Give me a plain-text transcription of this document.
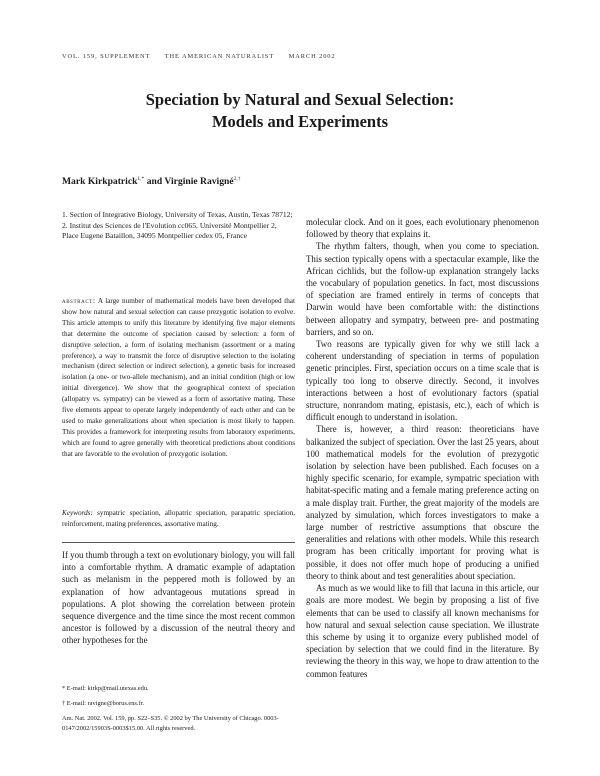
VOL. 159, SUPPLEMENT THE AMERICAN NATURALIST MARCH 2002
Speciation by Natural and Sexual Selection:
Models and Experiments
Mark Kirkpatrick$^{1,*}$ and Virginie Ravigné$^{2,\dagger}$

1. Section of Integrative Biology, University of Texas, Austin, Texas 78712;

2. Institut des Sciences de l'Evolution cc065, Université Montpellier 2, Place Eugene Bataillon, 34095 Montpellier cedex 05, France

abstract: A large number of mathematical models have been developed that show how natural and sexual selection can cause prezygotic isolation to evolve. This article attempts to unify this literature by identifying five major elements that determine the outcome of speciation caused by selection: a form of disruptive selection, a form of isolating mechanism (assortment or a mating preference), a way to transmit the force of disruptive selection to the isolating mechanism (direct selection or indirect selection), a genetic basis for increased isolation (a one- or two-allele mechanism), and an initial condition (high or low initial divergence). We show that the geographical context of speciation (allopatry vs. sympatry) can be viewed as a form of assortative mating. These five elements appear to operate largely independently of each other and can be used to make generalizations about when speciation is most likely to happen. This provides a framework for interpreting results from laboratory experiments, which are found to agree generally with theoretical predictions about conditions that are favorable to the evolution of prezygotic isolation.

Keywords: sympatric speciation, allopatric speciation, parapatric speciation, reinforcement, mating preferences, assortative mating.

If you thumb through a text on evolutionary biology, you will fall into a comfortable rhythm. A dramatic example of adaptation such as melanism in the peppered moth is followed by an explanation of how advantageous mutations spread in populations. A plot showing the correlation between protein sequence divergence and the time since the most recent common ancestor is followed by a discussion of the neutral theory and other hypotheses for the

* E-mail: kirkp@mail.utexas.edu.

† E-mail: ravigne@borus.ens.fr.

Am. Nat. 2002. Vol. 159, pp. S22–S35. © 2002 by The University of Chicago. 0003-0147/2002/15903S-0003$15.00. All rights reserved.

molecular clock. And on it goes, each evolutionary phenomenon followed by theory that explains it.

The rhythm falters, though, when you come to speciation. This section typically opens with a spectacular example, like the African cichlids, but the follow-up explanation strangely lacks the vocabulary of population genetics. In fact, most discussions of speciation are framed entirely in terms of concepts that Darwin would have been comfortable with: the distinctions between allopatry and sympatry, between pre- and postmating barriers, and so on.

Two reasons are typically given for why we still lack a coherent understanding of speciation in terms of population genetic principles. First, speciation occurs on a time scale that is typically too long to observe directly. Second, it involves interactions between a host of evolutionary factors (spatial structure, nonrandom mating, epistasis, etc.), each of which is difficult enough to understand in isolation.

There is, however, a third reason: theoreticians have balkanized the subject of speciation. Over the last 25 years, about 100 mathematical models for the evolution of prezygotic isolation by selection have been published. Each focuses on a highly specific scenario, for example, sympatric speciation with habitat-specific mating and a female mating preference acting on a male display trait. Further, the great majority of the models are analyzed by simulation, which forces investigators to make a large number of restrictive assumptions that obscure the generalities and relations with other models. While this research program has been critically important for proving what is possible, it does not offer much hope of producing a unified theory to think about and test generalities about speciation.

As much as we would like to fill that lacuna in this article, our goals are more modest. We begin by proposing a list of five elements that can be used to classify all known mechanisms for how natural and sexual selection cause speciation. We illustrate this scheme by using it to organize every published model of speciation by selection that we could find in the literature. By reviewing the theory in this way, we hope to draw attention to the common features
